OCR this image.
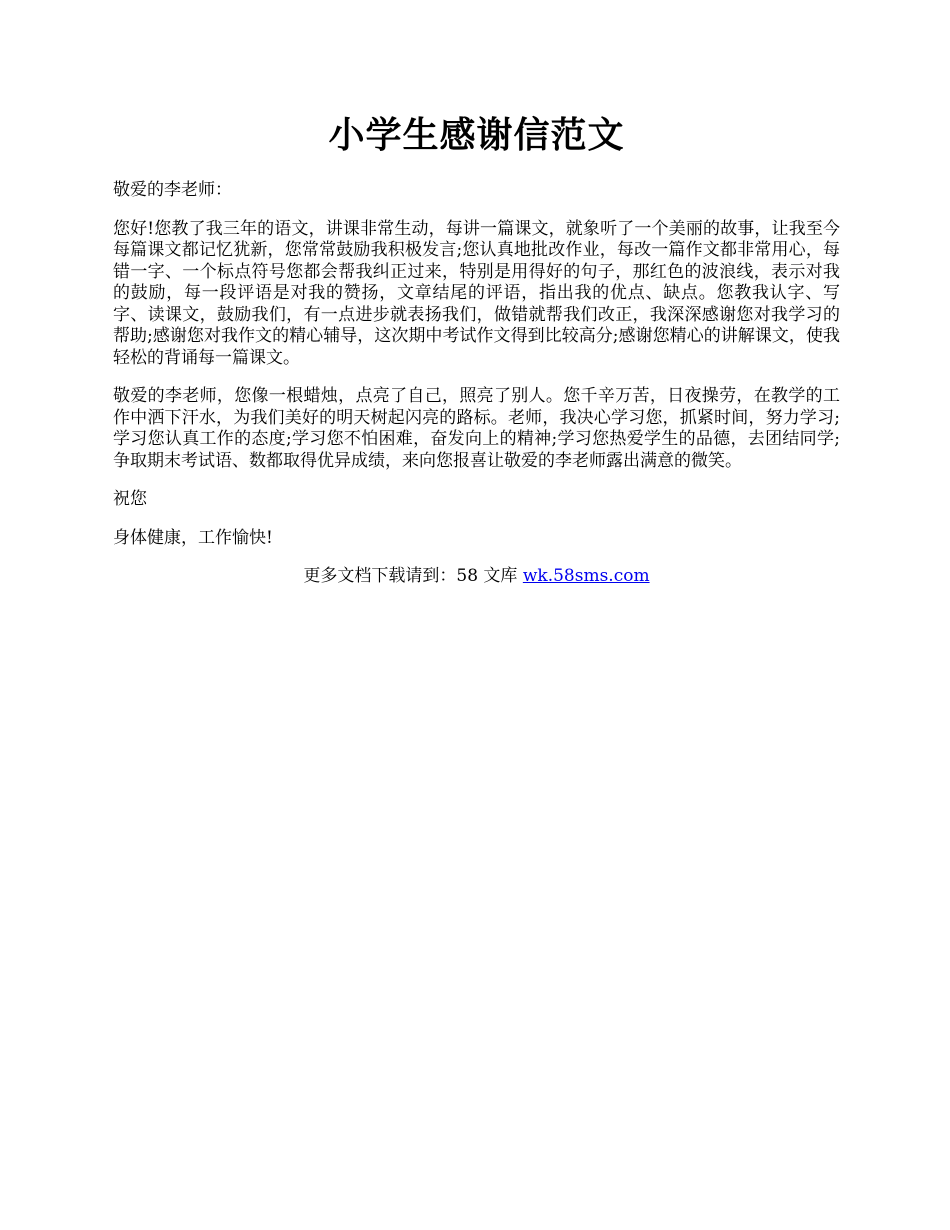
小学生感谢信范文

敬爱的李老师：

您好!您教了我三年的语文，讲课非常生动，每讲一篇课文，就象听了一个美丽的故事，让我至今每篇课文都记忆犹新，您常常鼓励我积极发言;您认真地批改作业，每改一篇作文都非常用心，每错一字、一个标点符号您都会帮我纠正过来，特别是用得好的句子，那红色的波浪线，表示对我的鼓励，每一段评语是对我的赞扬，文章结尾的评语，指出我的优点、缺点。您教我认字、写字、读课文，鼓励我们，有一点进步就表扬我们，做错就帮我们改正，我深深感谢您对我学习的帮助;感谢您对我作文的精心辅导，这次期中考试作文得到比较高分;感谢您精心的讲解课文，使我轻松的背诵每一篇课文。

敬爱的李老师，您像一根蜡烛，点亮了自己，照亮了别人。您千辛万苦，日夜操劳，在教学的工作中洒下汗水，为我们美好的明天树起闪亮的路标。老师，我决心学习您，抓紧时间，努力学习;学习您认真工作的态度;学习您不怕困难，奋发向上的精神;学习您热爱学生的品德，去团结同学;争取期末考试语、数都取得优异成绩，来向您报喜让敬爱的李老师露出满意的微笑。

祝您

身体健康，工作愉快!

更多文档下载请到：58 文库 wk.58sms.com
